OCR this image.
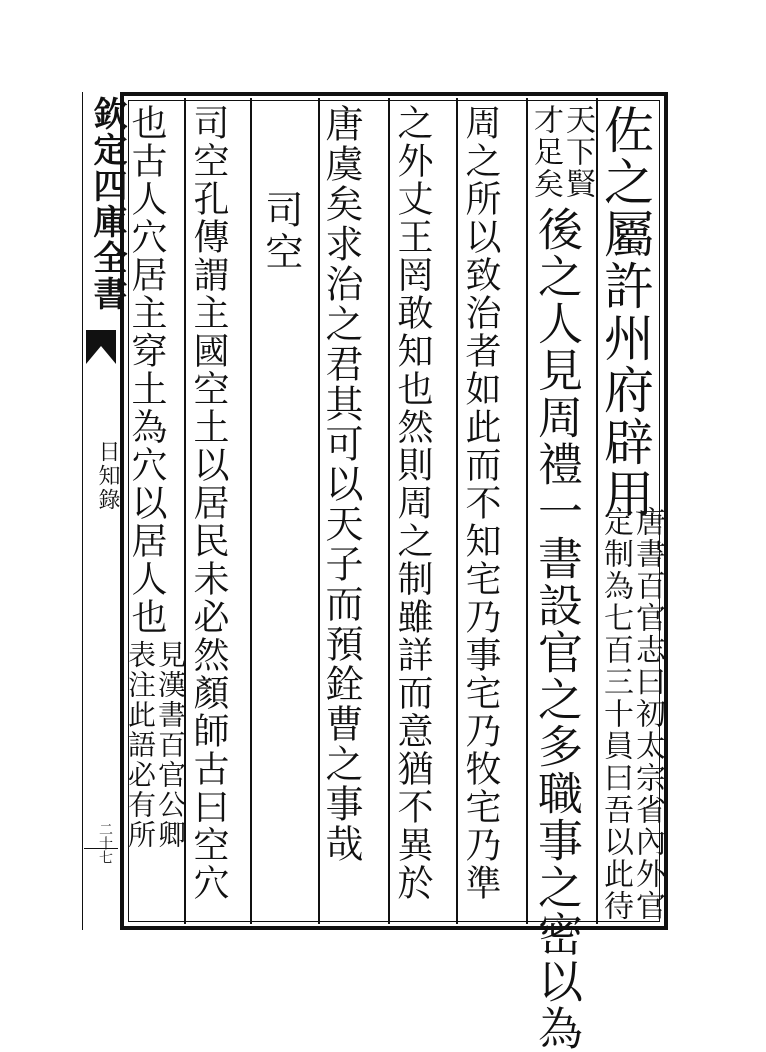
欽定四庫全書
日知錄
二十七
佐之屬許州府辟用
唐書百官志曰初太宗省內外官
定制為七百三十員曰吾以此待
天下賢
才足矣
後之人見周禮一書設官之多職事之密以為
周之所以致治者如此而不知宅乃事宅乃牧宅乃準
之外丈王罔敢知也然則周之制雖詳而意猶不異於
唐虞矣求治之君其可以天子而預銓曹之事哉
司空
司空孔傳謂主國空土以居民未必然顏師古曰空穴
也古人穴居主穿土為穴以居人也
見漢書百官公卿
表注此語必有所
